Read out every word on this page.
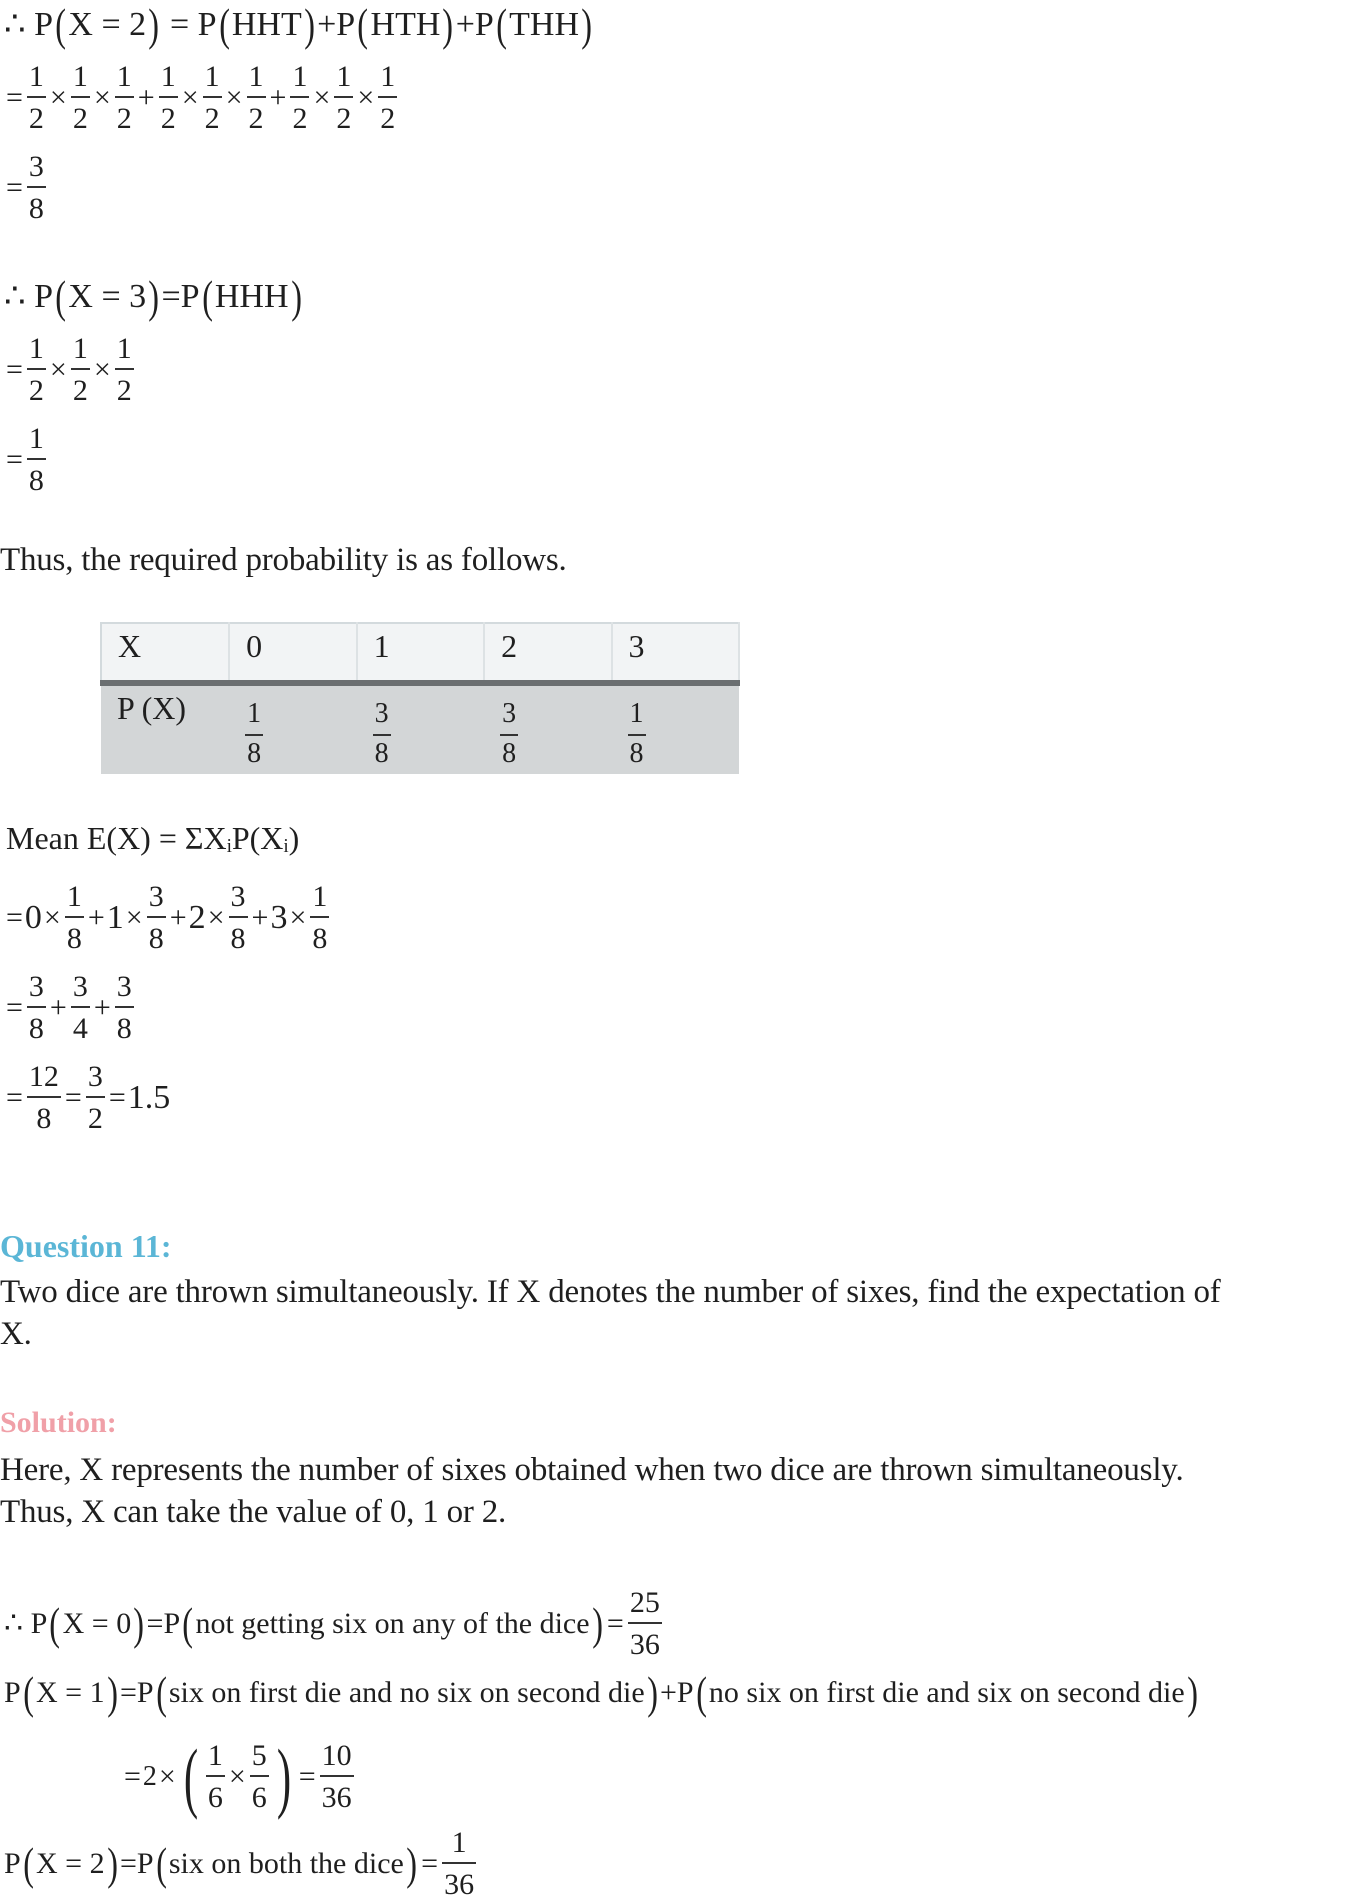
∴ P ( X = 2 ) = P ( HHT ) +P ( HTH ) +P ( THH )
= $\frac{1}{2} \times \frac{1}{2} \times \frac{1}{2} + \frac{1}{2} \times \frac{1}{2} \times \frac{1}{2} + \frac{1}{2} \times \frac{1}{2} \times \frac{1}{2}$
= $\frac{3}{8}$
∴ P ( X = 3 ) =P ( HHH )
= $\frac{1}{2} \times \frac{1}{2} \times \frac{1}{2}$
= $\frac{1}{8}$
Thus, the required probability is as follows.
X	0	1	2	3
P (X)	$\frac{1}{8}$	$\frac{3}{8}$	$\frac{3}{8}$	$\frac{1}{8}$
Mean E(X) = ΣXᵢP(Xᵢ)
= $0 \times \frac{1}{8} + 1 \times \frac{3}{8} + 2 \times \frac{3}{8} + 3 \times \frac{1}{8}$
= $\frac{3}{8} + \frac{3}{4} + \frac{3}{8}$
= $\frac{12}{8} = \frac{3}{2} = 1.5$
Question 11:
Two dice are thrown simultaneously. If X denotes the number of sixes, find the expectation of
X.
Solution:
Here, X represents the number of sixes obtained when two dice are thrown simultaneously.
Thus, X can take the value of 0, 1 or 2.
∴ P ( X = 0 ) =P ( not getting six on any of the dice ) = $\frac{25}{36}$
P ( X = 1 ) =P ( six on first die and no six on second die ) +P ( no six on first die and six on second die )
= 2 × ( $\frac{1}{6} \times \frac{5}{6}$ ) = $\frac{10}{36}$
P ( X = 2 ) =P ( six on both the dice ) = $\frac{1}{36}$
